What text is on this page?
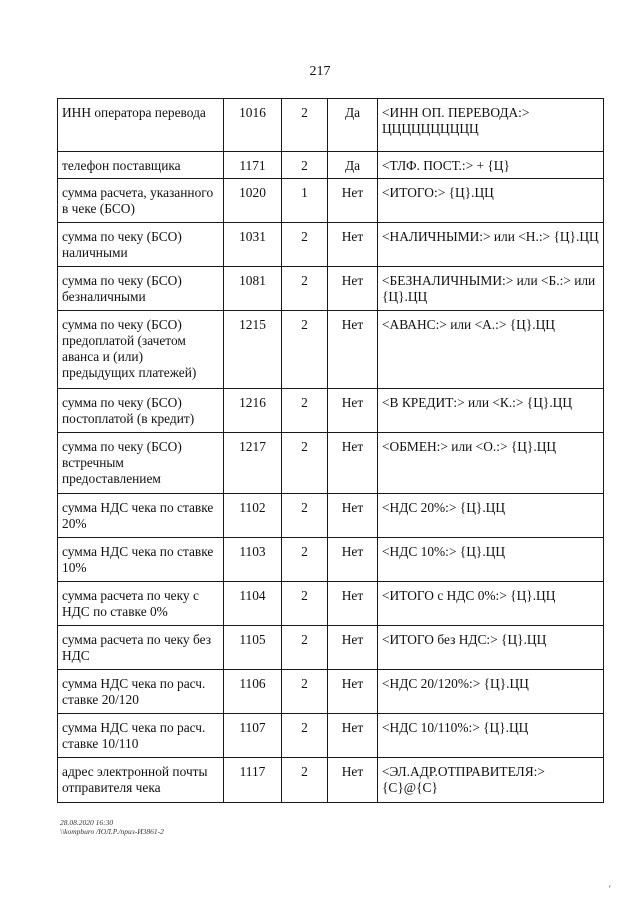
217
ИНН оператора перевода	1016	2	Да	<ИНН ОП. ПЕРЕВОДА:> ЦЦЦЦЦЦЦЦЦЦ
телефон поставщика	1171	2	Да	<ТЛФ. ПОСТ.:> + {Ц}
сумма расчета, указанного в чеке (БСО)	1020	1	Нет	<ИТОГО:> {Ц}.ЦЦ
сумма по чеку (БСО) наличными	1031	2	Нет	<НАЛИЧНЫМИ:> или <Н.:> {Ц}.ЦЦ
сумма по чеку (БСО) безналичными	1081	2	Нет	<БЕЗНАЛИЧНЫМИ:> или <Б.:> или {Ц}.ЦЦ
сумма по чеку (БСО) предоплатой (зачетом аванса и (или) предыдущих платежей)	1215	2	Нет	<АВАНС:> или <А.:> {Ц}.ЦЦ
сумма по чеку (БСО) постоплатой (в кредит)	1216	2	Нет	<В КРЕДИТ:> или <К.:> {Ц}.ЦЦ
сумма по чеку (БСО) встречным предоставлением	1217	2	Нет	<ОБМЕН:> или <О.:> {Ц}.ЦЦ
сумма НДС чека по ставке 20%	1102	2	Нет	<НДС 20%:> {Ц}.ЦЦ
сумма НДС чека по ставке 10%	1103	2	Нет	<НДС 10%:> {Ц}.ЦЦ
сумма расчета по чеку с НДС по ставке 0%	1104	2	Нет	<ИТОГО с НДС 0%:> {Ц}.ЦЦ
сумма расчета по чеку без НДС	1105	2	Нет	<ИТОГО без НДС:> {Ц}.ЦЦ
сумма НДС чека по расч. ставке 20/120	1106	2	Нет	<НДС 20/120%:> {Ц}.ЦЦ
сумма НДС чека по расч. ставке 10/110	1107	2	Нет	<НДС 10/110%:> {Ц}.ЦЦ
адрес электронной почты отправителя чека	1117	2	Нет	<ЭЛ.АДР.ОТПРАВИТЕЛЯ:> {С}@{С}
28.08.2020 16:30
\\kompburo /ЮЛ.Р./приз-И3861-2
'
